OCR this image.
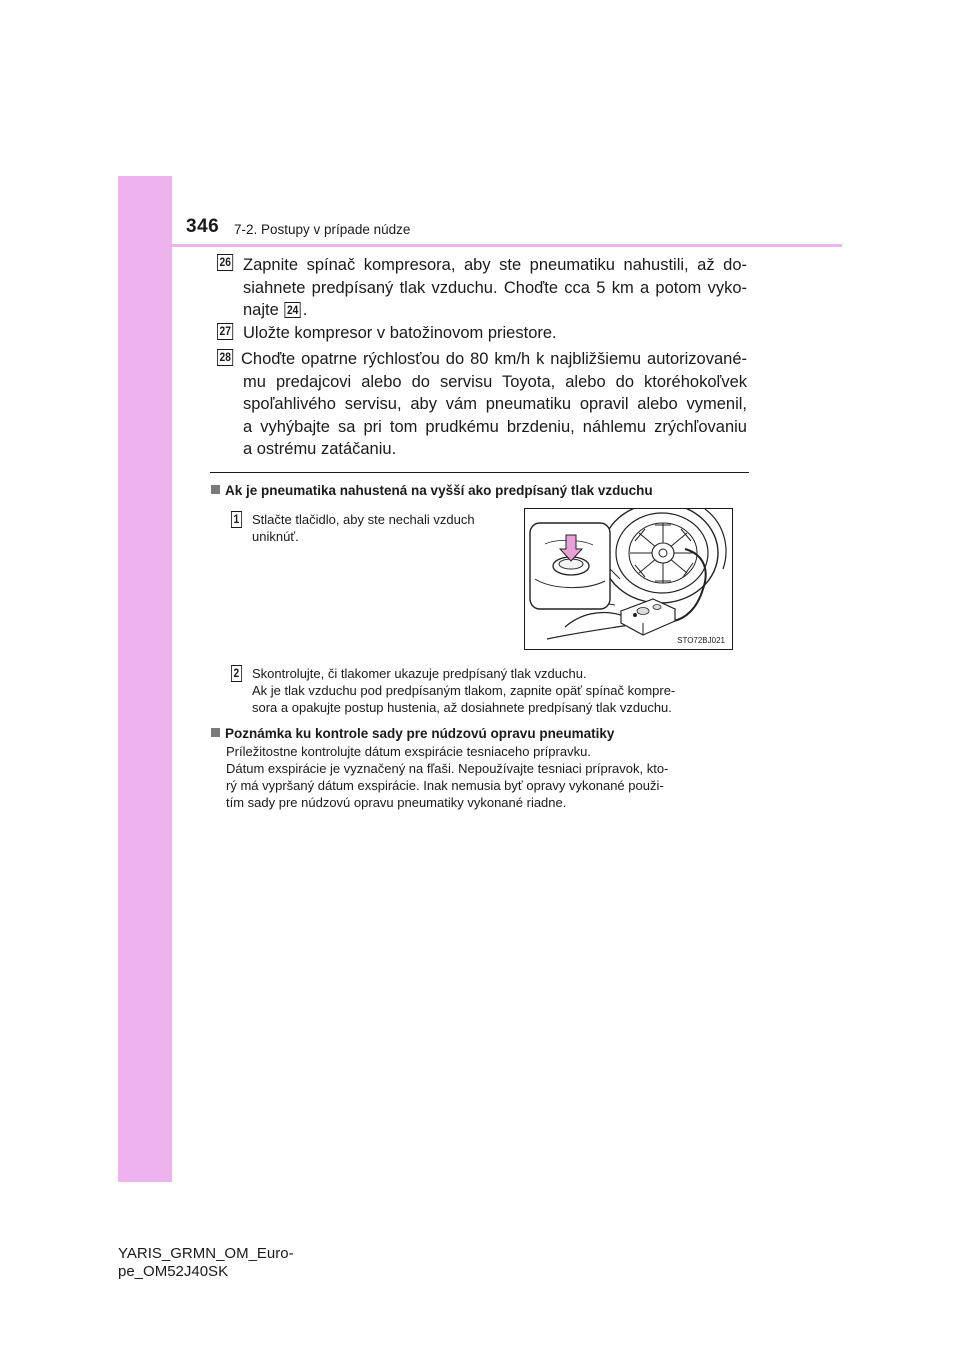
346 7-2. Postupy v prípade núdze
26 Zapnite spínač kompresora, aby ste pneumatiku nahustili, až do-
siahnete predpísaný tlak vzduchu. Choďte cca 5 km a potom vyko-
najte 24 .
27 Uložte kompresor v batožinovom priestore.
28 Choďte opatrne rýchlosťou do 80 km/h k najbližšiemu autorizované-
mu predajcovi alebo do servisu Toyota, alebo do ktoréhokoľvek
spoľahlivého servisu, aby vám pneumatiku opravil alebo vymenil,
a vyhýbajte sa pri tom prudkému brzdeniu, náhlemu zrýchľovaniu
a ostrému zatáčaniu.
Ak je pneumatika nahustená na vyšší ako predpísaný tlak vzduchu
1 Stlačte tlačidlo, aby ste nechali vzduch
uniknúť.
STO72BJ021
2 Skontrolujte, či tlakomer ukazuje predpísaný tlak vzduchu.
Ak je tlak vzduchu pod predpísaným tlakom, zapnite opäť spínač kompre-
sora a opakujte postup hustenia, až dosiahnete predpísaný tlak vzduchu.
Poznámka ku kontrole sady pre núdzovú opravu pneumatiky
Príležitostne kontrolujte dátum exspirácie tesniaceho prípravku.
Dátum exspirácie je vyznačený na fľaši. Nepoužívajte tesniaci prípravok, kto-
rý má vypršaný dátum exspirácie. Inak nemusia byť opravy vykonané použi-
tím sady pre núdzovú opravu pneumatiky vykonané riadne.
YARIS_GRMN_OM_Euro-
pe_OM52J40SK
